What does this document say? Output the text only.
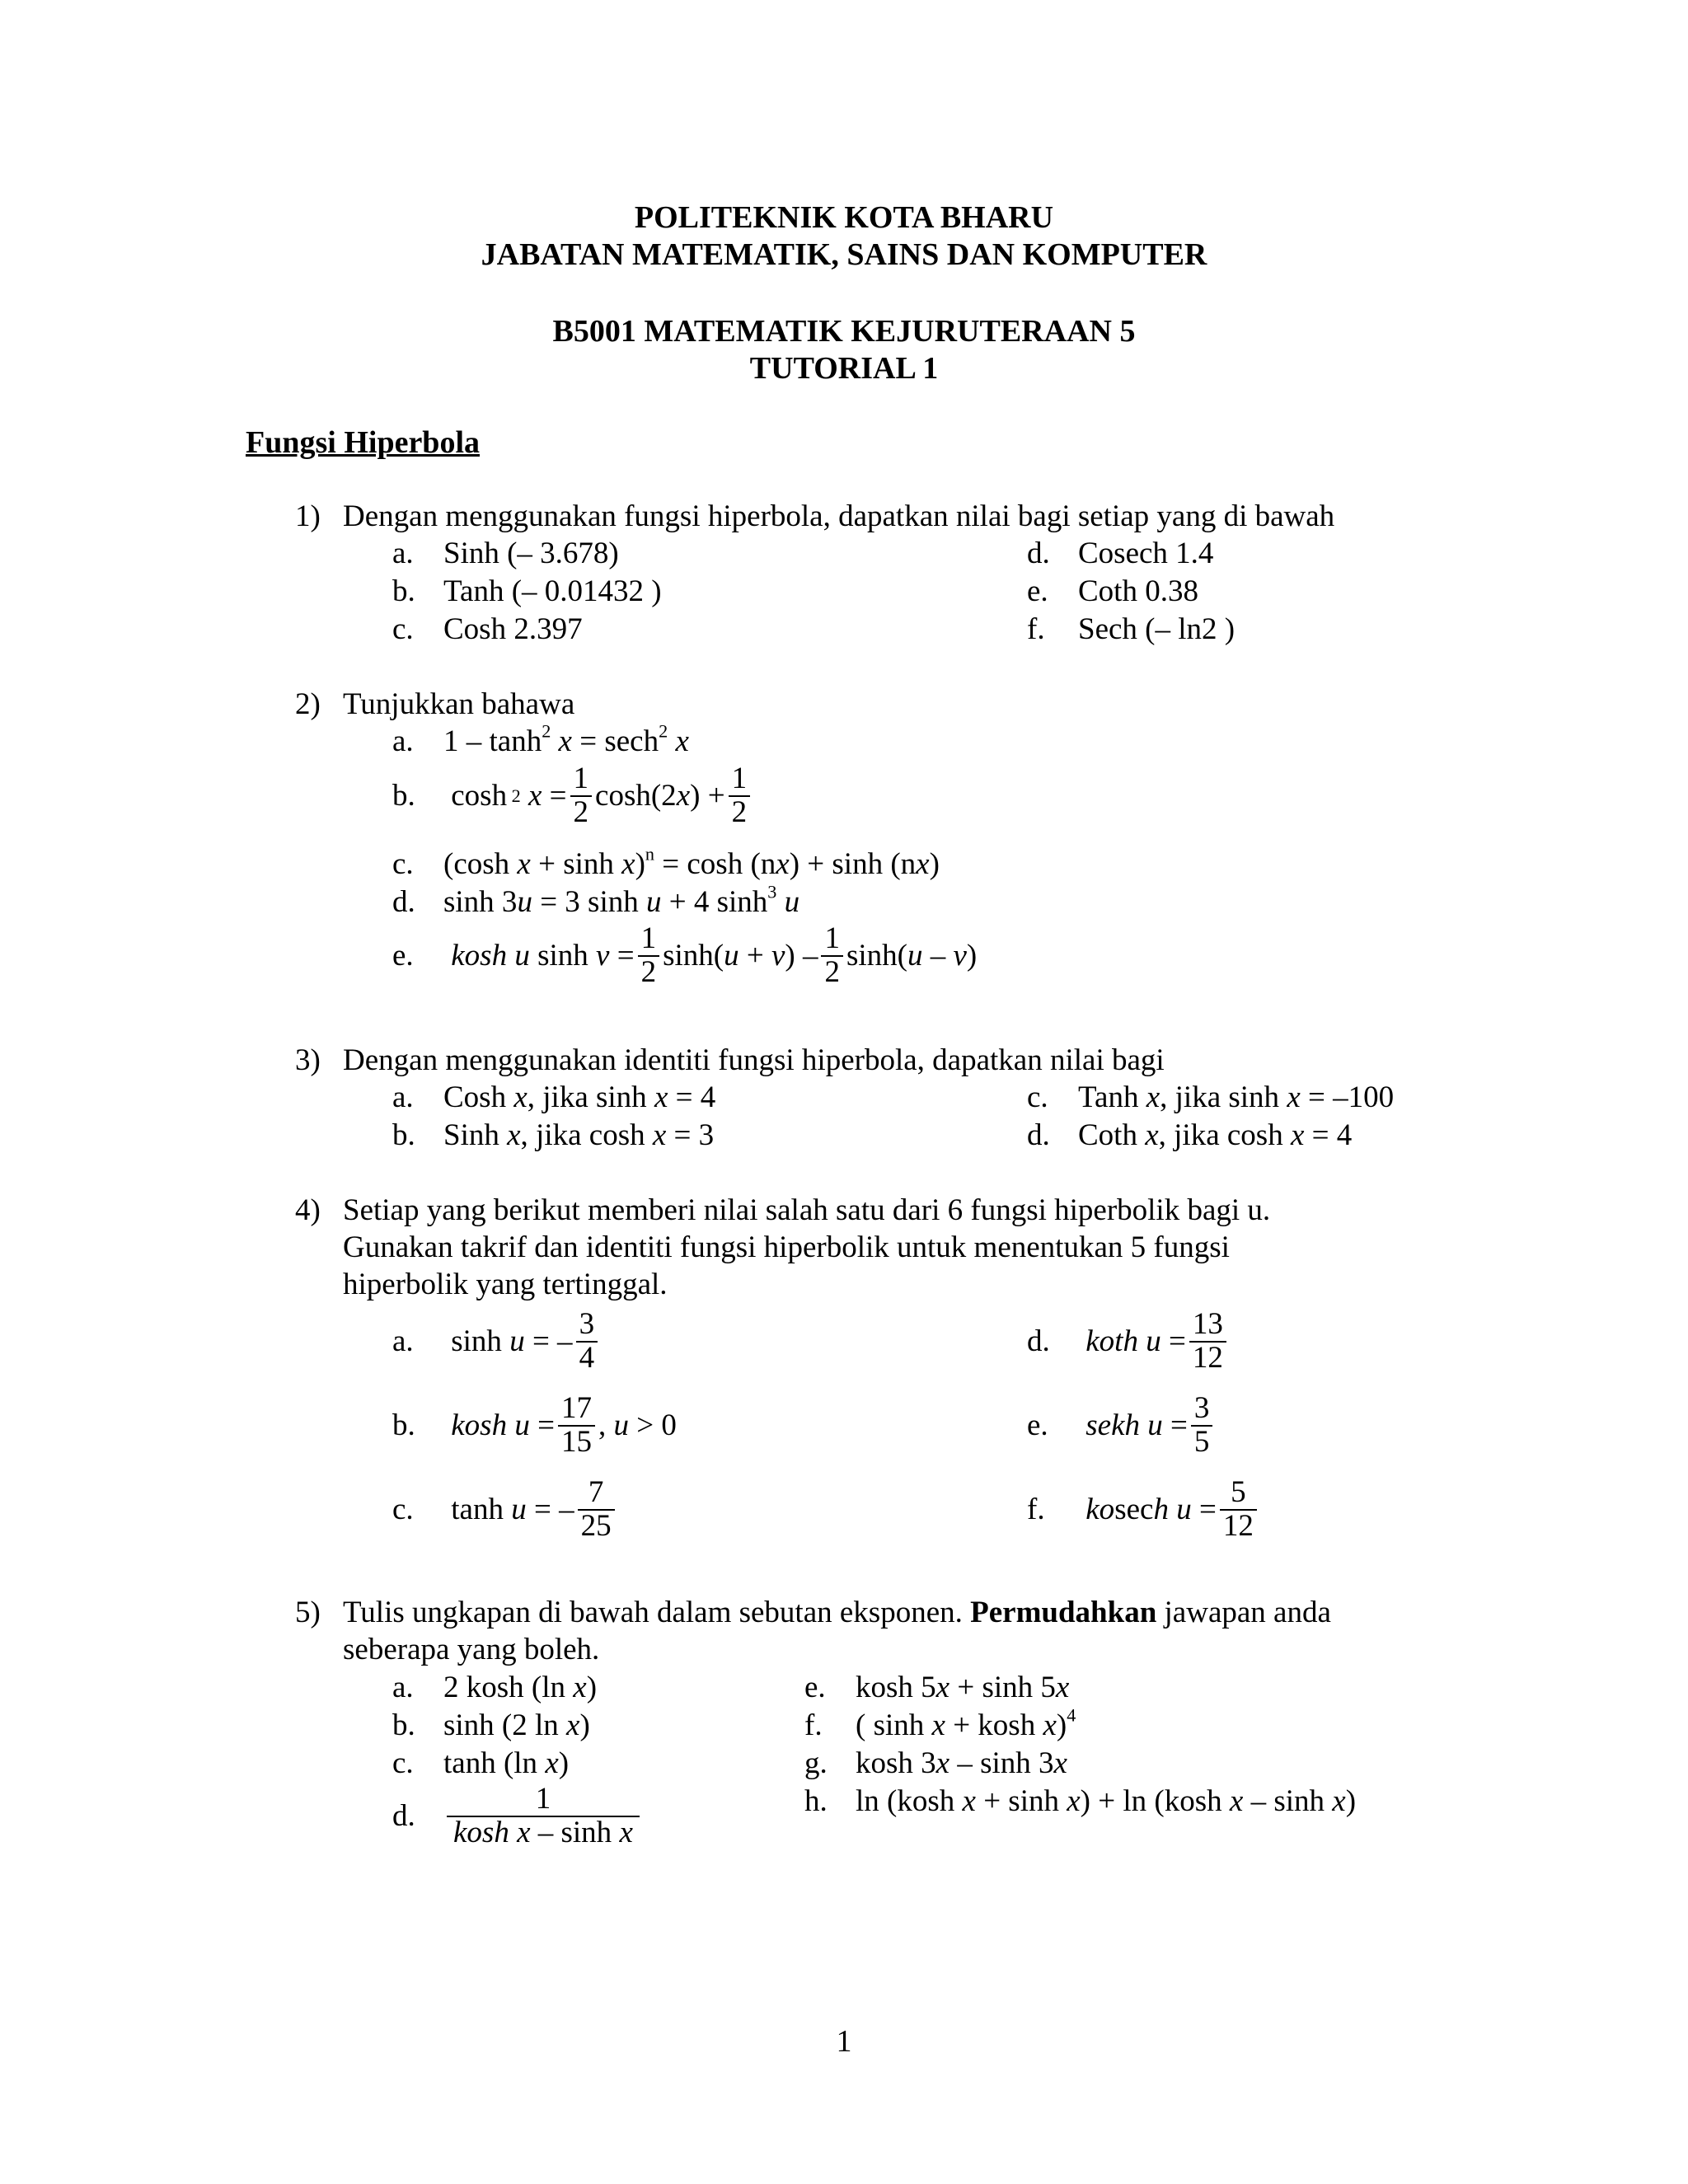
POLITEKNIK KOTA BHARU
JABATAN MATEMATIK, SAINS DAN KOMPUTER
B5001 MATEMATIK KEJURUTERAAN 5
TUTORIAL 1
Fungsi Hiperbola
1) Dengan menggunakan fungsi hiperbola, dapatkan nilai bagi setiap yang di bawah
a. Sinh (– 3.678)
b. Tanh (– 0.01432 )
c. Cosh 2.397
d. Cosech 1.4
e. Coth 0.38
f. Sech (– ln2 )
2) Tunjukkan bahawa
a. $1 - \tanh^2 x = \sec h^2$ x
b. cosh 2
$x = \frac{1}{2} \cosh(2$ x ) + $\frac{1}{2}$
c. (cosh x + sinh x)$^n$ = cosh (nx) + sinh (nx)
d. sinh 3u = 3 sinh u + 4 $\sinh^3 u$
e.
	kosh u $\sinh v = \frac{1}{2} \sinh$( u + v ) – $\frac{1}{2} \sinh$( u – v )
3) Dengan menggunakan identiti fungsi hiperbola, dapatkan nilai bagi
a. Cosh x, jika sinh x = 4
b. Sinh x, jika cosh x = 3
c. Tanh x, jika sinh x = –100
d. Coth x, jika cosh x = 4
4) Setiap yang berikut memberi nilai salah satu dari 6 fungsi hiperbolik bagi u.
Gunakan takrif dan identiti fungsi hiperbolik untuk menentukan 5 fungsi
hiperbolik yang tertinggal.
a. sinh u = – $\frac{3}{4}$
b.
	kosh $u = \frac{17}{15}$ , u > 0
c. tanh u = – $\frac{7}{25}$
d.
	koth $u = \frac{13}{12}$
e.
	sekh $u = \frac{3}{5}$
f.
	ko sec h $u = \frac{5}{12}$
5) Tulis ungkapan di bawah dalam sebutan eksponen. Permudahkan jawapan anda
seberapa yang boleh.
a. 2 kosh (ln x)
b. sinh (2 ln x)
c. tanh (ln x)
d.	$\frac{1}{\text{kosh x – sinh x}}$
e. kosh 5x + sinh 5x
f. ( sinh x + kosh x)$^4$
g. kosh 3x – sinh 3x
h. ln (kosh x + sinh x) + ln (kosh x – sinh x)
1
